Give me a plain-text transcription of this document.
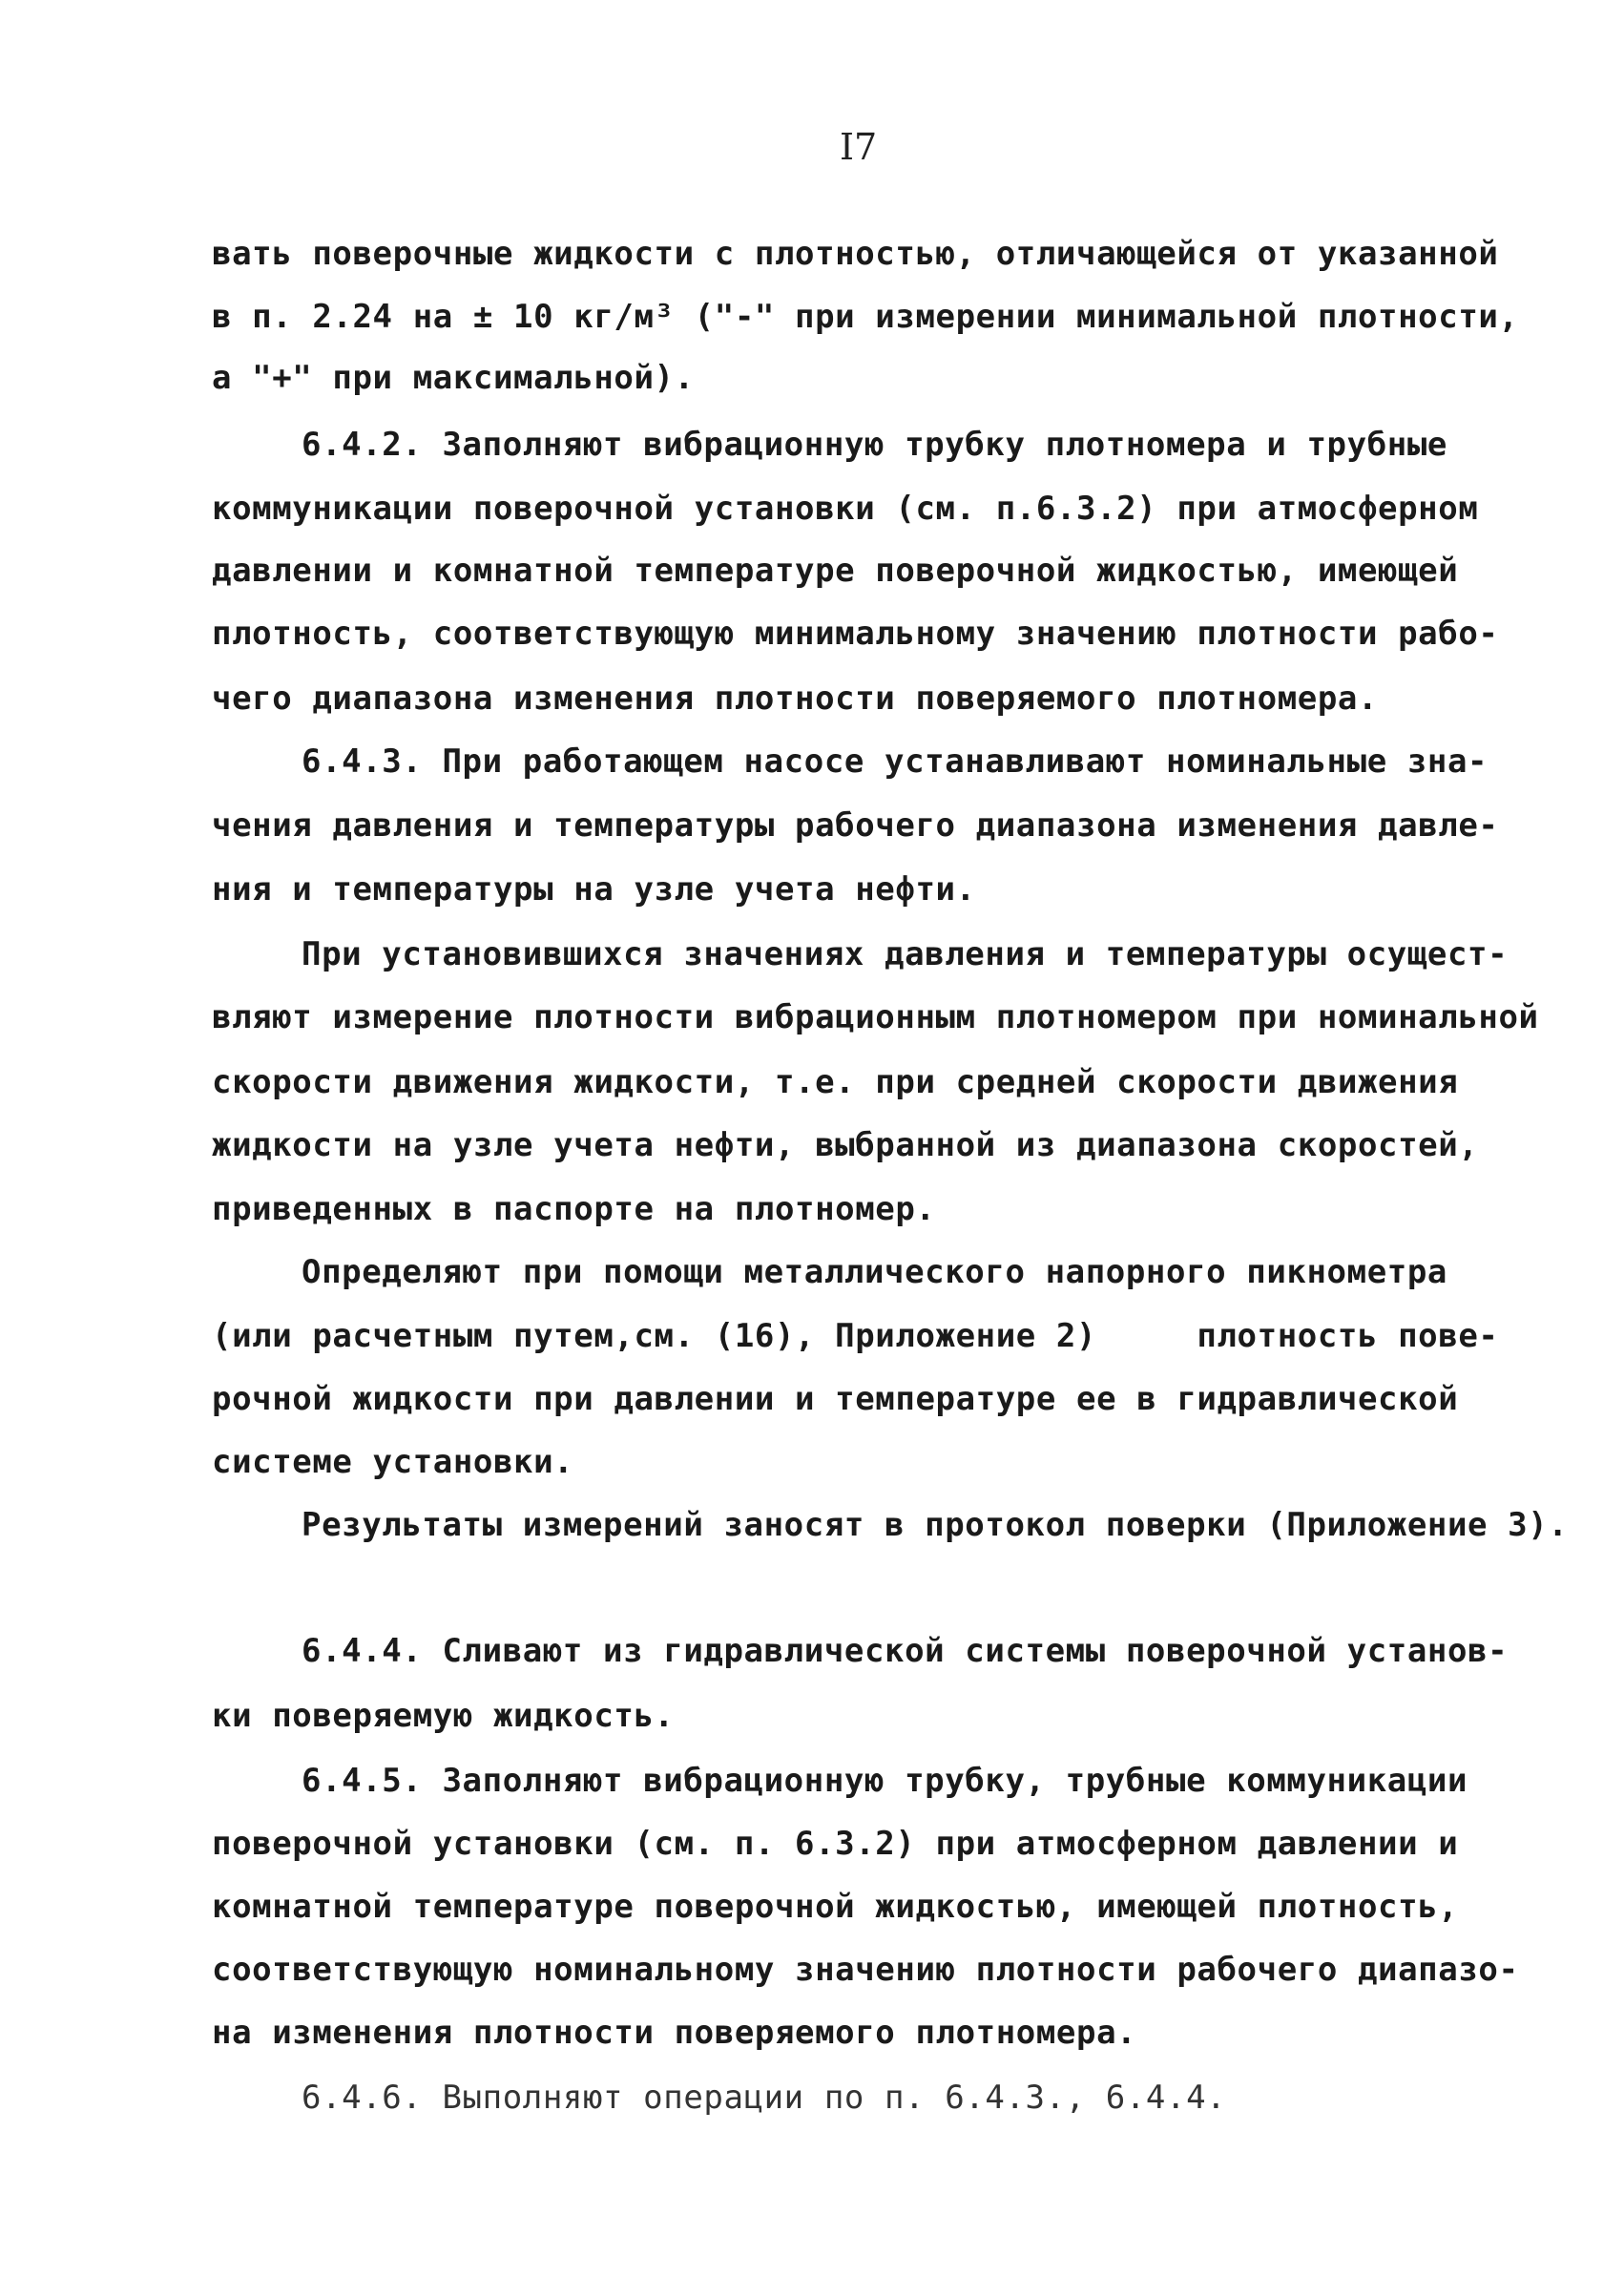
I7
вать поверочные жидкости с плотностью, отличающейся от указанной
в п. 2.24 на ± 10 кг/м³ ("-" при измерении минимальной плотности,
а "+" при максимальной).
6.4.2. Заполняют вибрационную трубку плотномера и трубные
коммуникации поверочной установки (см. п.6.3.2) при атмосферном
давлении и комнатной температуре поверочной жидкостью, имеющей
плотность, соответствующую минимальному значению плотности рабо-
чего диапазона изменения плотности поверяемого плотномера.
6.4.3. При работающем насосе устанавливают номинальные зна-
чения давления и температуры рабочего диапазона изменения давле-
ния и температуры на узле учета нефти.
При установившихся значениях давления и температуры осущест-
вляют измерение плотности вибрационным плотномером при номинальной
скорости движения жидкости, т.е. при средней скорости движения
жидкости на узле учета нефти, выбранной из диапазона скоростей,
приведенных в паспорте на плотномер.
Определяют при помощи металлического напорного пикнометра
(или расчетным путем,см. (16), Приложение 2)     плотность пове-
рочной жидкости при давлении и температуре ее в гидравлической
системе установки.
Результаты измерений заносят в протокол поверки (Приложение 3).
6.4.4. Сливают из гидравлической системы поверочной установ-
ки поверяемую жидкость.
6.4.5. Заполняют вибрационную трубку, трубные коммуникации
поверочной установки (см. п. 6.3.2) при атмосферном давлении и
комнатной температуре поверочной жидкостью, имеющей плотность,
соответствующую номинальному значению плотности рабочего диапазо-
на изменения плотности поверяемого плотномера.
6.4.6. Выполняют операции по п. 6.4.3., 6.4.4.
